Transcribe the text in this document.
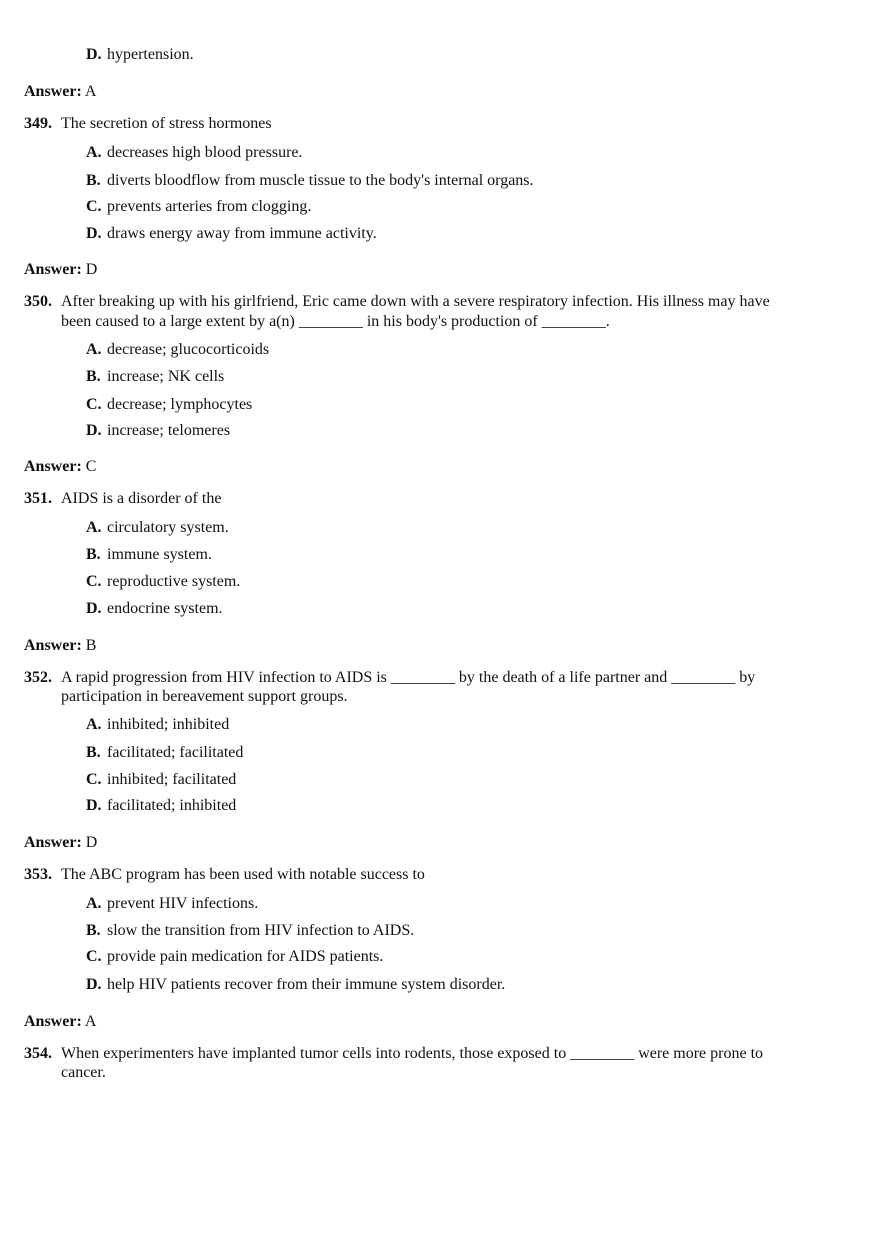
D. hypertension.
Answer: A
349. The secretion of stress hormones
A. decreases high blood pressure.
B. diverts bloodflow from muscle tissue to the body's internal organs.
C. prevents arteries from clogging.
D. draws energy away from immune activity.
Answer: D
350. After breaking up with his girlfriend, Eric came down with a severe respiratory infection. His illness may have
been caused to a large extent by a(n) ________ in his body's production of ________.
A. decrease; glucocorticoids
B. increase; NK cells
C. decrease; lymphocytes
D. increase; telomeres
Answer: C
351. AIDS is a disorder of the
A. circulatory system.
B. immune system.
C. reproductive system.
D. endocrine system.
Answer: B
352. A rapid progression from HIV infection to AIDS is ________ by the death of a life partner and ________ by
participation in bereavement support groups.
A. inhibited; inhibited
B. facilitated; facilitated
C. inhibited; facilitated
D. facilitated; inhibited
Answer: D
353. The ABC program has been used with notable success to
A. prevent HIV infections.
B. slow the transition from HIV infection to AIDS.
C. provide pain medication for AIDS patients.
D. help HIV patients recover from their immune system disorder.
Answer: A
354. When experimenters have implanted tumor cells into rodents, those exposed to ________ were more prone to
cancer.
